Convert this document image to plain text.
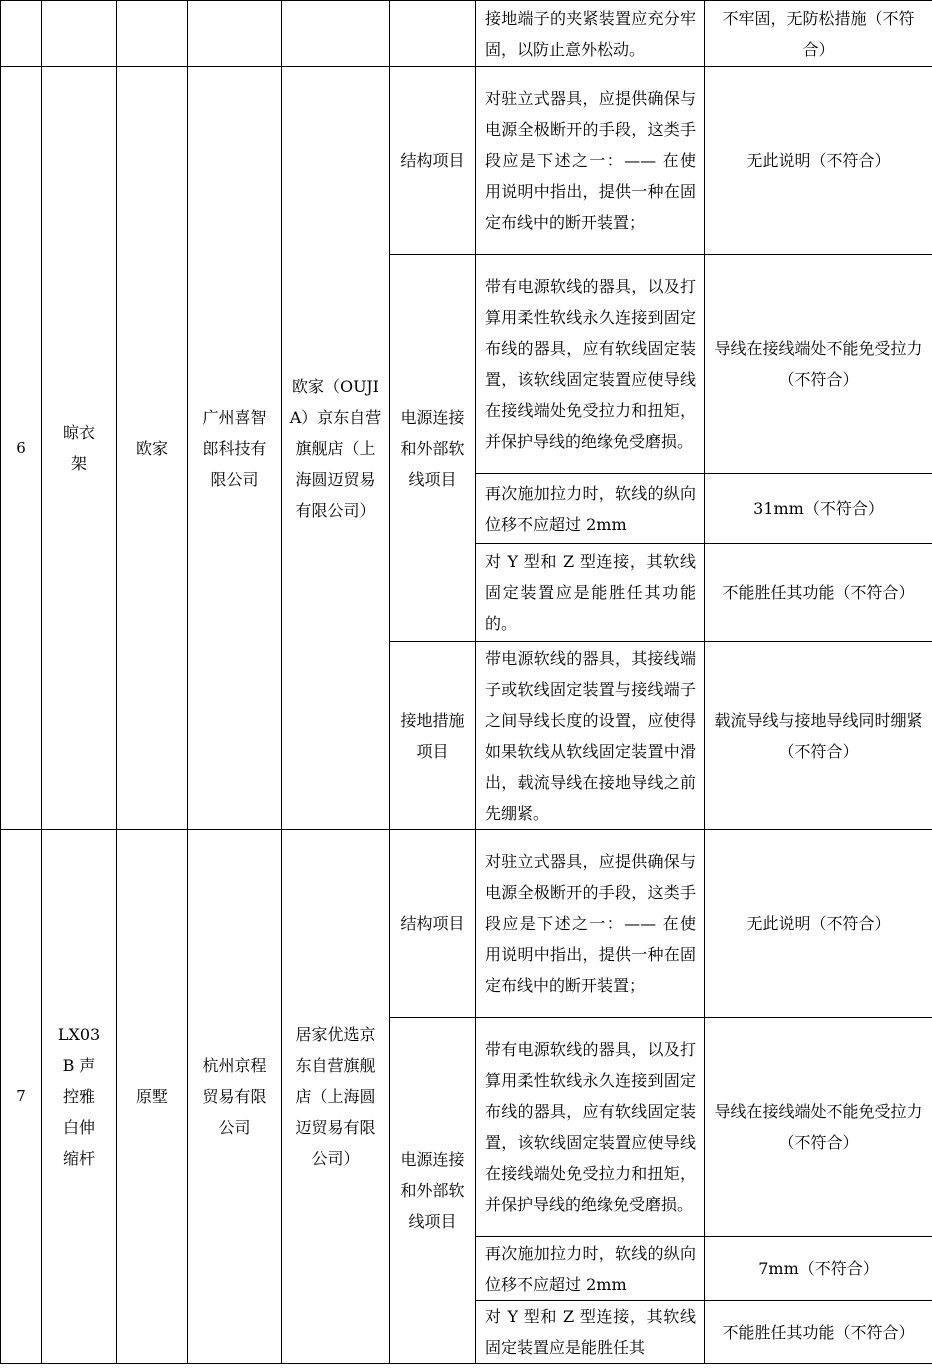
						接地端子的夹紧装置应充分牢固，以防止意外松动。	不牢固，无防松措施（不符合）
6	晾衣架	欧家	广州喜智郎科技有限公司	欧家（OUJIA）京东自营旗舰店（上海圆迈贸易有限公司）	结构项目	对驻立式器具，应提供确保与电源全极断开的手段，这类手段应是下述之一：—— 在使用说明中指出，提供一种在固定布线中的断开装置；	无此说明（不符合）
					电源连接和外部软线项目	带有电源软线的器具，以及打算用柔性软线永久连接到固定布线的器具，应有软线固定装置，该软线固定装置应使导线在接线端处免受拉力和扭矩，并保护导线的绝缘免受磨损。	导线在接线端处不能免受拉力（不符合）
						再次施加拉力时，软线的纵向位移不应超过 2mm	31mm（不符合）
						对 Y 型和 Z 型连接，其软线固定装置应是能胜任其功能的。	不能胜任其功能（不符合）
					接地措施项目	带电源软线的器具，其接线端子或软线固定装置与接线端子之间导线长度的设置，应使得如果软线从软线固定装置中滑出，载流导线在接地导线之前先绷紧。	载流导线与接地导线同时绷紧（不符合）
7	LX03B 声控雅白伸缩杆	原墅	杭州京程贸易有限公司	居家优选京东自营旗舰店（上海圆迈贸易有限公司）	结构项目	对驻立式器具，应提供确保与电源全极断开的手段，这类手段应是下述之一：—— 在使用说明中指出，提供一种在固定布线中的断开装置；	无此说明（不符合）
					电源连接和外部软线项目	带有电源软线的器具，以及打算用柔性软线永久连接到固定布线的器具，应有软线固定装置，该软线固定装置应使导线在接线端处免受拉力和扭矩，并保护导线的绝缘免受磨损。	导线在接线端处不能免受拉力（不符合）
						再次施加拉力时，软线的纵向位移不应超过 2mm	7mm（不符合）
						对 Y 型和 Z 型连接，其软线固定装置应是能胜任其	不能胜任其功能（不符合）
